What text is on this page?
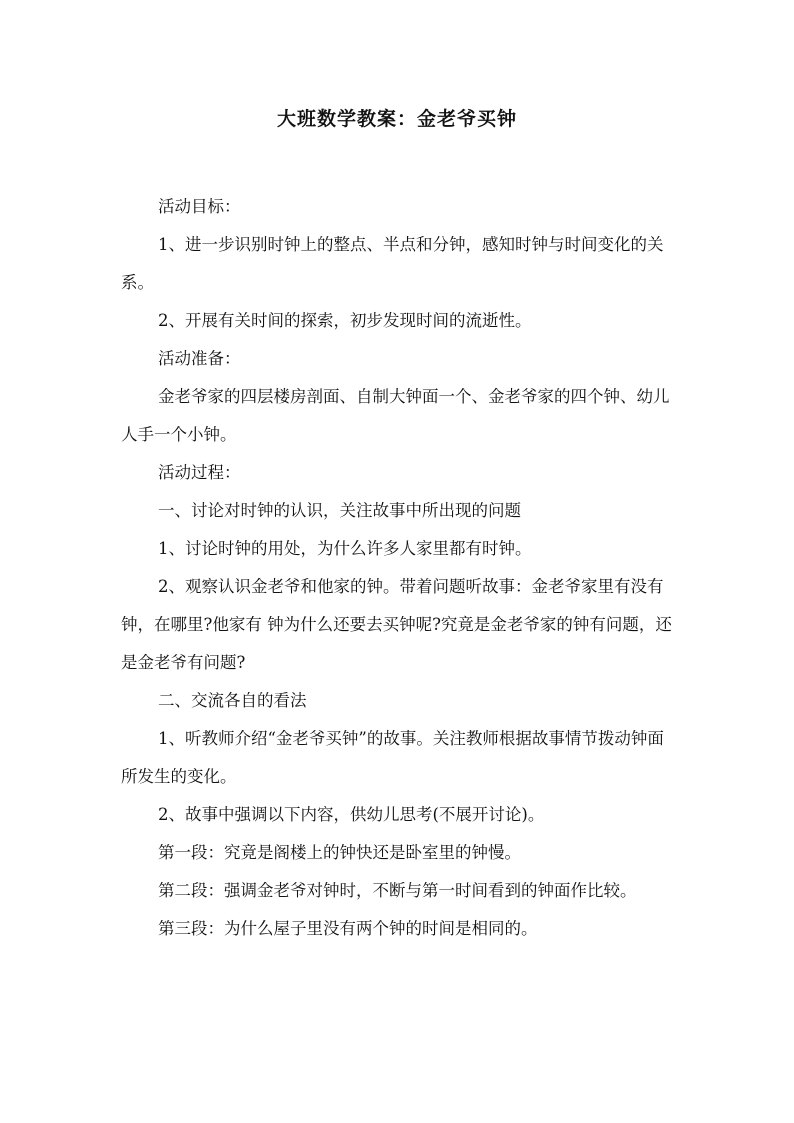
大班数学教案：金老爷买钟

活动目标：

1、进一步识别时钟上的整点、半点和分钟，感知时钟与时间变化的关系。

2、开展有关时间的探索，初步发现时间的流逝性。

活动准备：

金老爷家的四层楼房剖面、自制大钟面一个、金老爷家的四个钟、幼儿人手一个小钟。

活动过程：

一、讨论对时钟的认识，关注故事中所出现的问题

1、讨论时钟的用处，为什么许多人家里都有时钟。

2、观察认识金老爷和他家的钟。带着问题听故事：金老爷家里有没有钟，在哪里?他家有 钟为什么还要去买钟呢?究竟是金老爷家的钟有问题，还是金老爷有问题?

二、交流各自的看法

1、听教师介绍“金老爷买钟”的故事。关注教师根据故事情节拨动钟面所发生的变化。

2、故事中强调以下内容，供幼儿思考(不展开讨论)。

第一段：究竟是阁楼上的钟快还是卧室里的钟慢。

第二段：强调金老爷对钟时，不断与第一时间看到的钟面作比较。

第三段：为什么屋子里没有两个钟的时间是相同的。
